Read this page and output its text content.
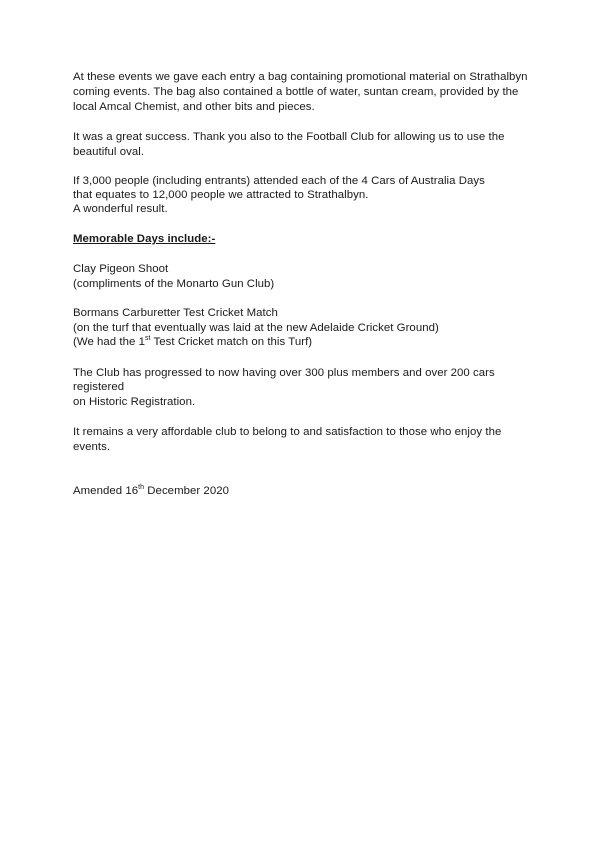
At these events we gave each entry a bag containing promotional material on Strathalbyn
coming events. The bag also contained a bottle of water, suntan cream, provided by the
local Amcal Chemist, and other bits and pieces.
It was a great success. Thank you also to the Football Club for allowing us to use the
beautiful oval.
If 3,000 people (including entrants) attended each of the 4 Cars of Australia Days
that equates to 12,000 people we attracted to Strathalbyn.
A wonderful result.
Memorable Days include:-
Clay Pigeon Shoot
(compliments of the Monarto Gun Club)
Bormans Carburetter Test Cricket Match
(on the turf that eventually was laid at the new Adelaide Cricket Ground)
(We had the 1st Test Cricket match on this Turf)
The Club has progressed to now having over 300 plus members and over 200 cars
registered
on Historic Registration.
It remains a very affordable club to belong to and satisfaction to those who enjoy the
events.
Amended 16th December 2020
